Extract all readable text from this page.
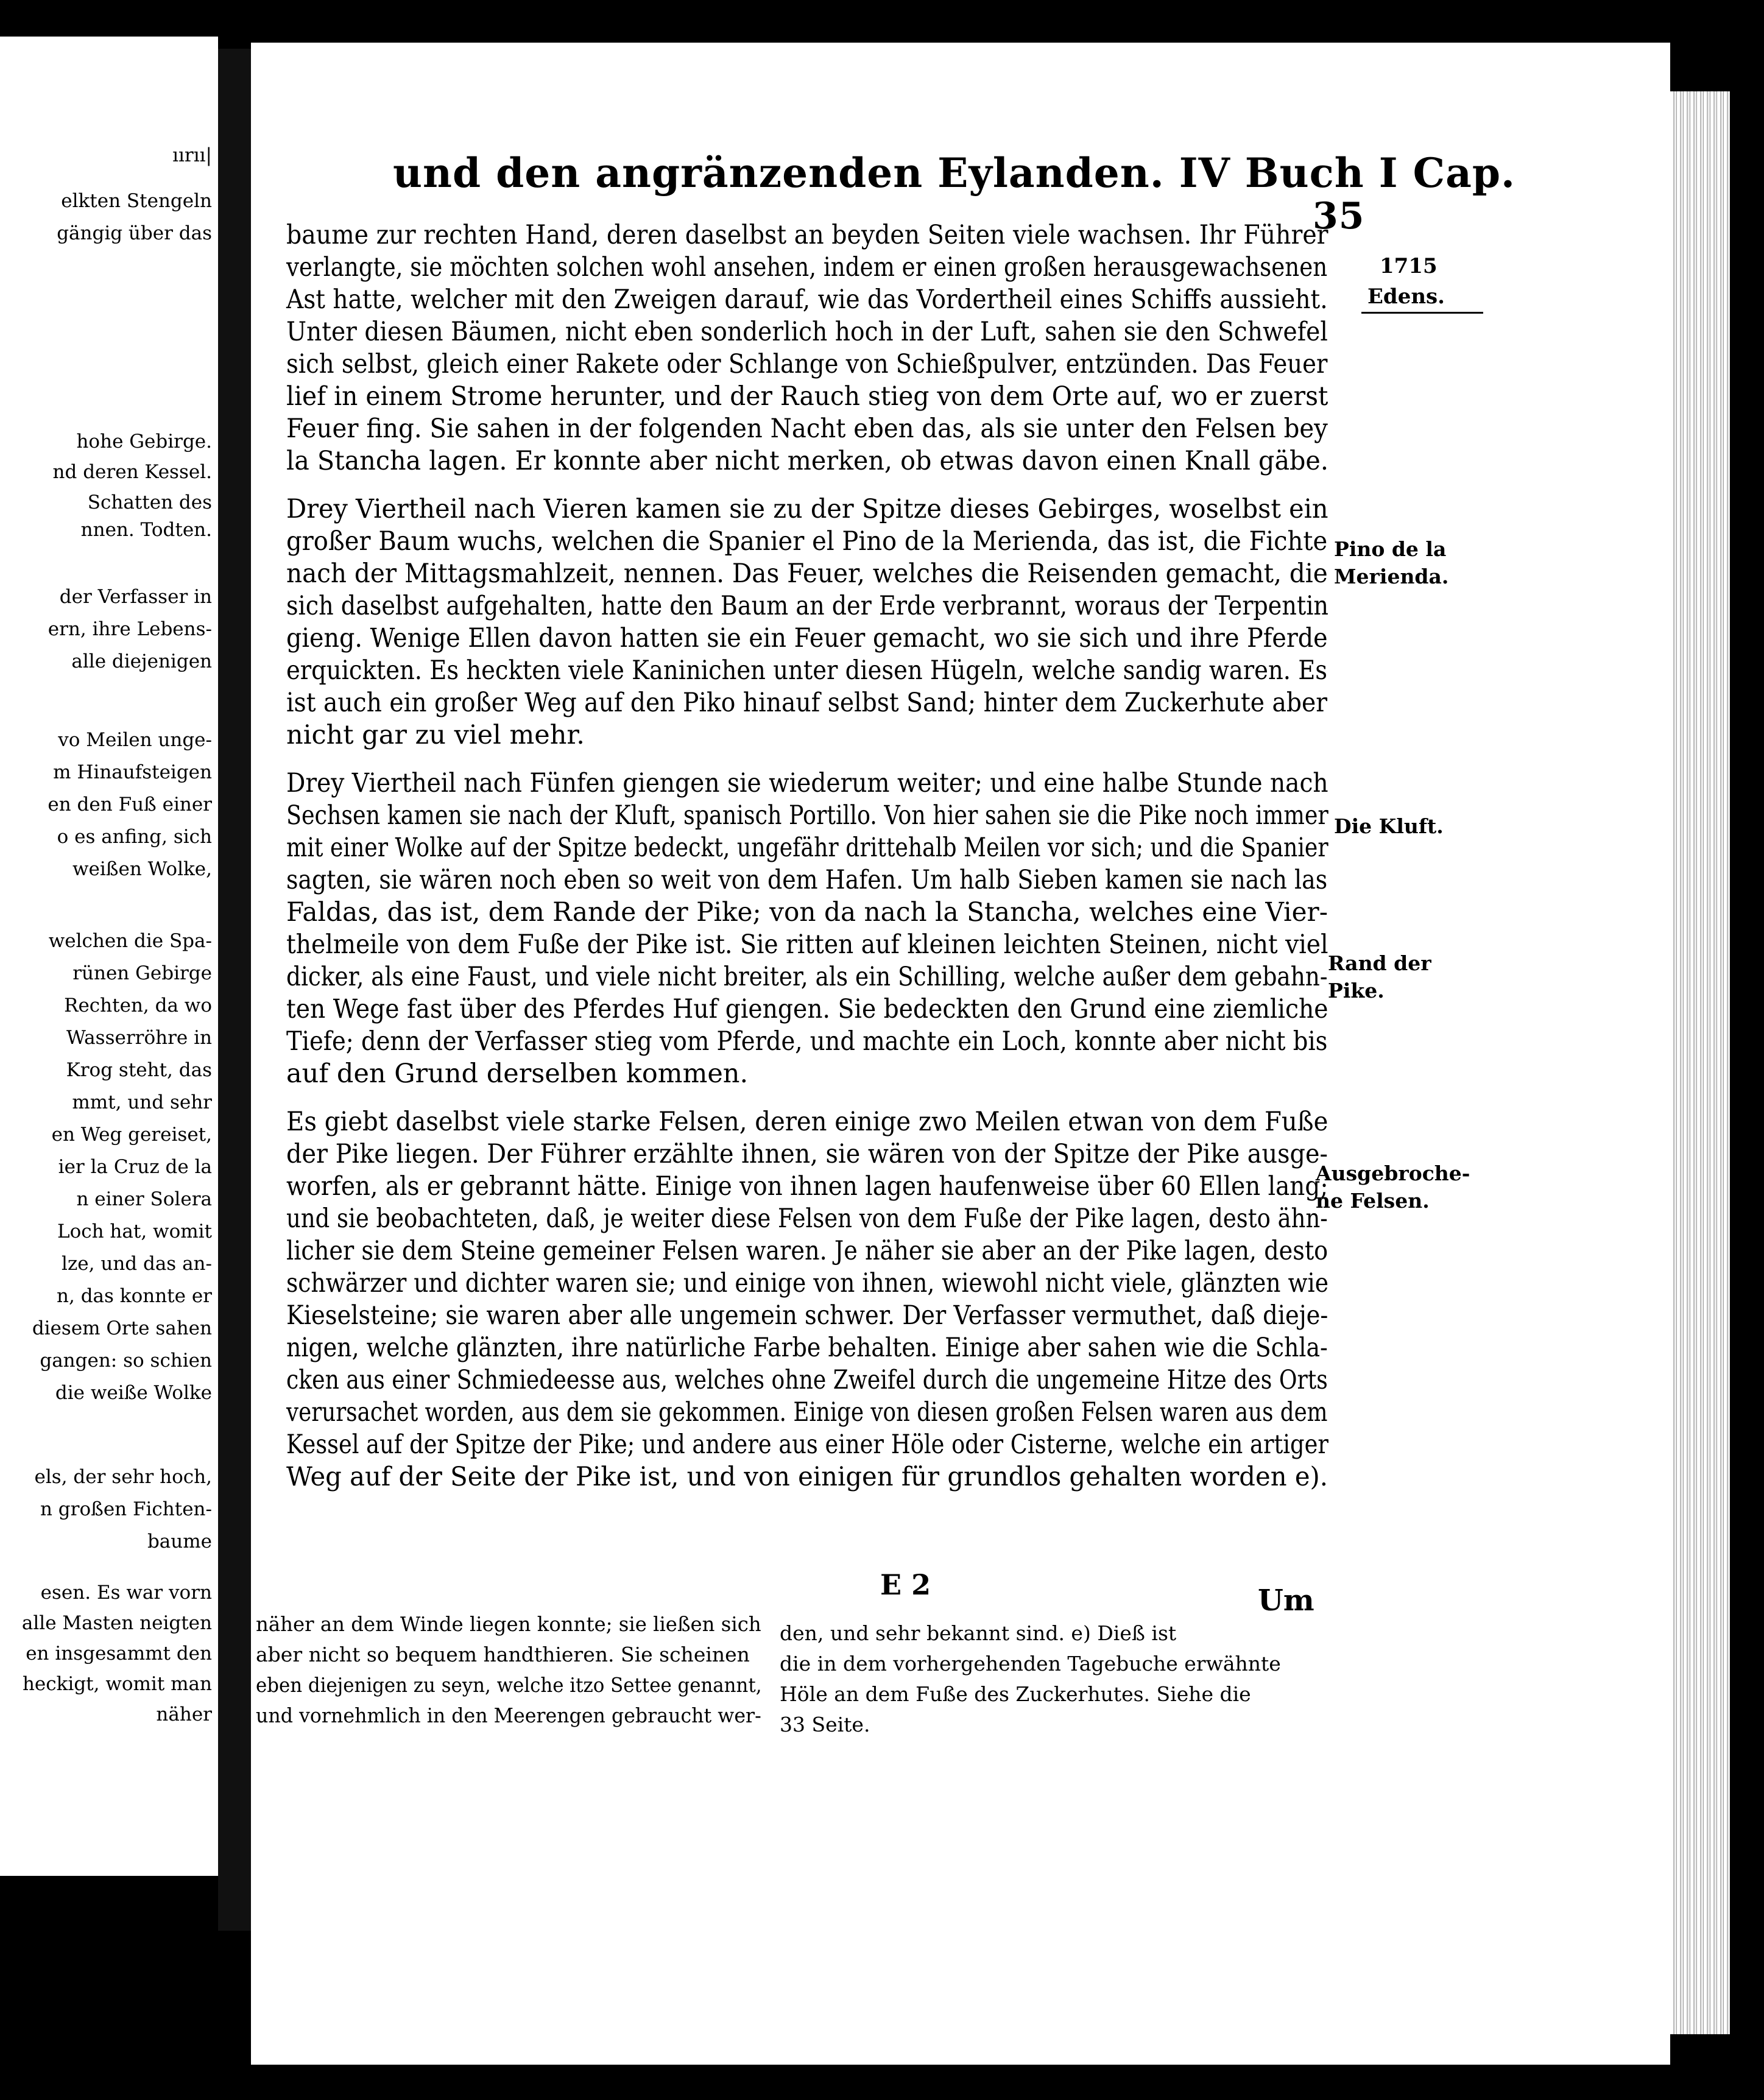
ıırıı|
elkten Stengeln
gängig über das
hohe Gebirge.
nd deren Kessel.
Schatten des
nnen. Todten.
der Verfasser in
ern, ihre Lebens-
alle diejenigen
vo Meilen unge-
m Hinaufsteigen
en den Fuß einer
o es anfing, sich
weißen Wolke,
welchen die Spa-
rünen Gebirge
Rechten, da wo
Wasserröhre in
Krog steht, das
mmt, und sehr
en Weg gereiset,
ier la Cruz de la
n einer Solera
Loch hat, womit
lze, und das an-
n, das konnte er
diesem Orte sahen
gangen: so schien
die weiße Wolke
els, der sehr hoch,
n großen Fichten-
baume
esen. Es war vorn
alle Masten neigten
en insgesammt den
heckigt, womit man
näher
und den angränzenden Eylanden. IV Buch I Cap.
35
1715
Edens.
baume zur rechten Hand, deren daselbst an beyden Seiten viele wachsen. Ihr Führer
verlangte, sie möchten solchen wohl ansehen, indem er einen großen herausgewachsenen
Ast hatte, welcher mit den Zweigen darauf, wie das Vordertheil eines Schiffs aussieht.
Unter diesen Bäumen, nicht eben sonderlich hoch in der Luft, sahen sie den Schwefel
sich selbst, gleich einer Rakete oder Schlange von Schießpulver, entzünden. Das Feuer
lief in einem Strome herunter, und der Rauch stieg von dem Orte auf, wo er zuerst
Feuer fing. Sie sahen in der folgenden Nacht eben das, als sie unter den Felsen bey
la Stancha lagen. Er konnte aber nicht merken, ob etwas davon einen Knall gäbe.
Drey Viertheil nach Vieren kamen sie zu der Spitze dieses Gebirges, woselbst ein
großer Baum wuchs, welchen die Spanier el Pino de la Merienda, das ist, die Fichte
nach der Mittagsmahlzeit, nennen. Das Feuer, welches die Reisenden gemacht, die
sich daselbst aufgehalten, hatte den Baum an der Erde verbrannt, woraus der Terpentin
gieng. Wenige Ellen davon hatten sie ein Feuer gemacht, wo sie sich und ihre Pferde
erquickten. Es heckten viele Kaninichen unter diesen Hügeln, welche sandig waren. Es
ist auch ein großer Weg auf den Piko hinauf selbst Sand; hinter dem Zuckerhute aber
nicht gar zu viel mehr.
Drey Viertheil nach Fünfen giengen sie wiederum weiter; und eine halbe Stunde nach
Sechsen kamen sie nach der Kluft, spanisch Portillo. Von hier sahen sie die Pike noch immer
mit einer Wolke auf der Spitze bedeckt, ungefähr drittehalb Meilen vor sich; und die Spanier
sagten, sie wären noch eben so weit von dem Hafen. Um halb Sieben kamen sie nach las
Faldas, das ist, dem Rande der Pike; von da nach la Stancha, welches eine Vier-
thelmeile von dem Fuße der Pike ist. Sie ritten auf kleinen leichten Steinen, nicht viel
dicker, als eine Faust, und viele nicht breiter, als ein Schilling, welche außer dem gebahn-
ten Wege fast über des Pferdes Huf giengen. Sie bedeckten den Grund eine ziemliche
Tiefe; denn der Verfasser stieg vom Pferde, und machte ein Loch, konnte aber nicht bis
auf den Grund derselben kommen.
Es giebt daselbst viele starke Felsen, deren einige zwo Meilen etwan von dem Fuße
der Pike liegen. Der Führer erzählte ihnen, sie wären von der Spitze der Pike ausge-
worfen, als er gebrannt hätte. Einige von ihnen lagen haufenweise über 60 Ellen lang;
und sie beobachteten, daß, je weiter diese Felsen von dem Fuße der Pike lagen, desto ähn-
licher sie dem Steine gemeiner Felsen waren. Je näher sie aber an der Pike lagen, desto
schwärzer und dichter waren sie; und einige von ihnen, wiewohl nicht viele, glänzten wie
Kieselsteine; sie waren aber alle ungemein schwer. Der Verfasser vermuthet, daß dieje-
nigen, welche glänzten, ihre natürliche Farbe behalten. Einige aber sahen wie die Schla-
cken aus einer Schmiedeesse aus, welches ohne Zweifel durch die ungemeine Hitze des Orts
verursachet worden, aus dem sie gekommen. Einige von diesen großen Felsen waren aus dem
Kessel auf der Spitze der Pike; und andere aus einer Höle oder Cisterne, welche ein artiger
Weg auf der Seite der Pike ist, und von einigen für grundlos gehalten worden e).
Pino de la
Merienda.
Die Kluft.
Rand der
Pike.
Ausgebroche-
ne Felsen.
E 2	Um
näher an dem Winde liegen konnte; sie ließen sich
aber nicht so bequem handthieren. Sie scheinen
eben diejenigen zu seyn, welche itzo Settee genannt,
und vornehmlich in den Meerengen gebraucht wer-
den, und sehr bekannt sind. e) Dieß ist
die in dem vorhergehenden Tagebuche erwähnte
Höle an dem Fuße des Zuckerhutes. Siehe die
33 Seite.
